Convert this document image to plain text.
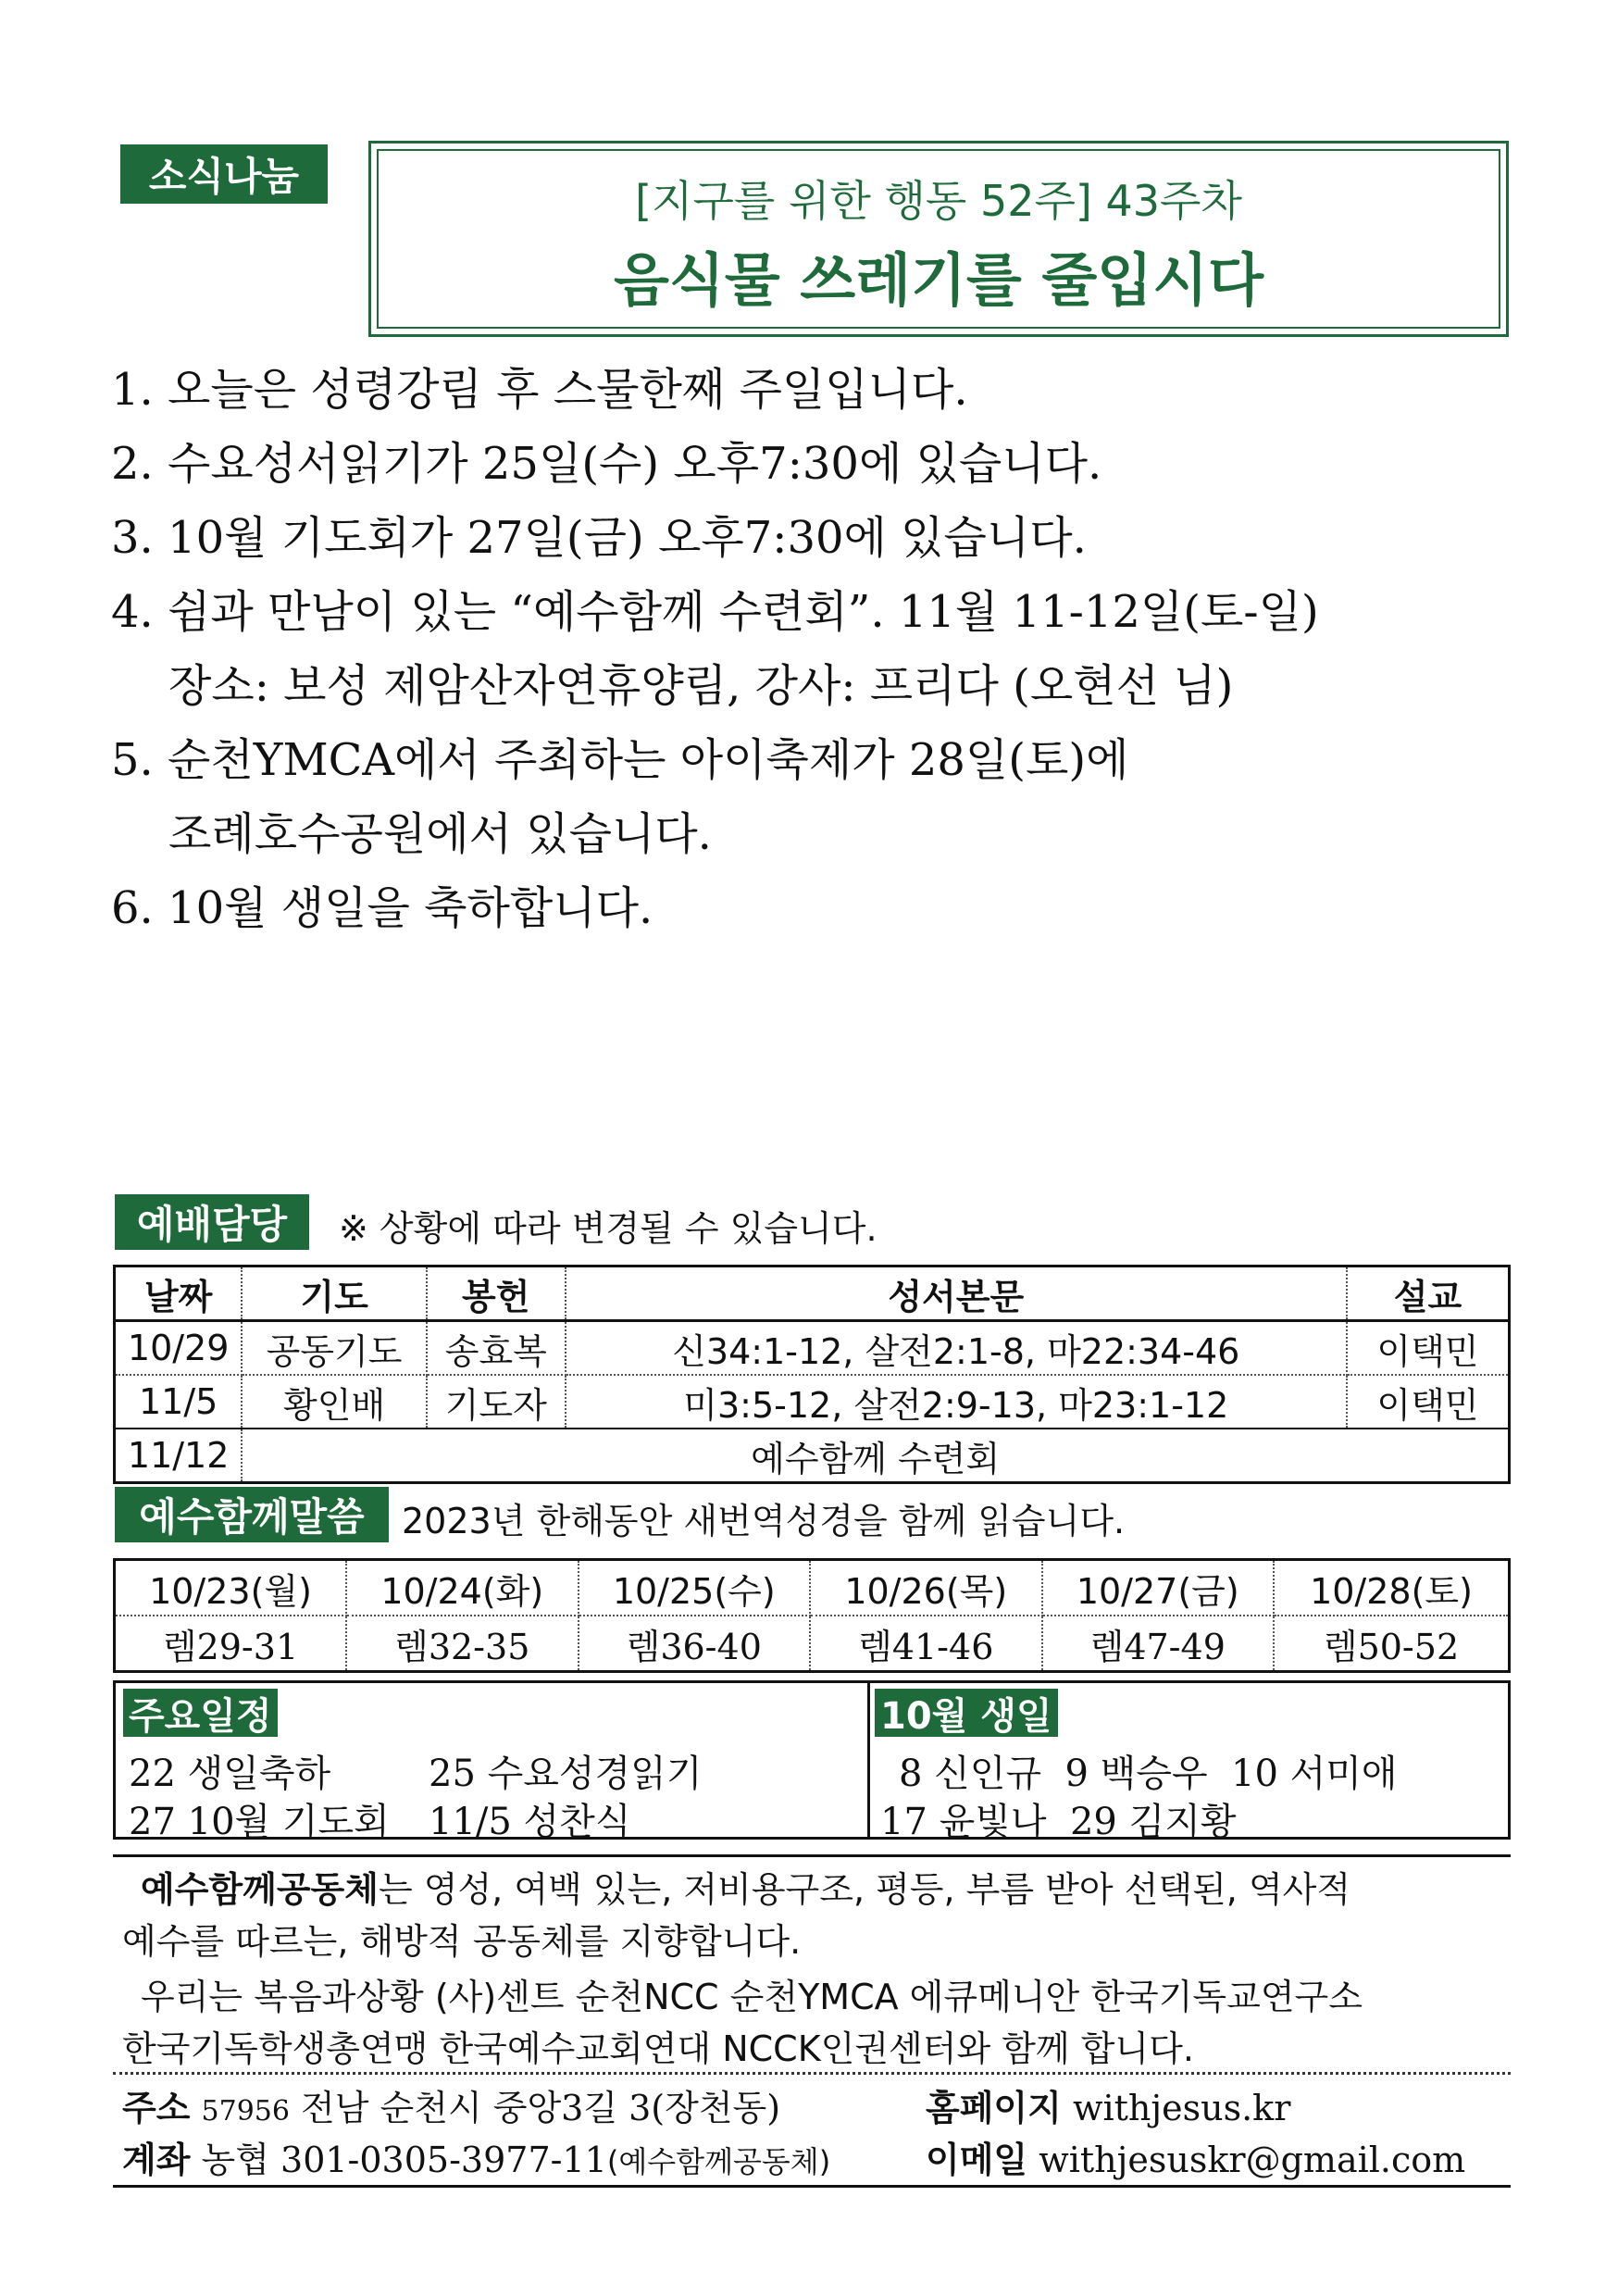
소식나눔	[지구를 위한 행동 52주] 43주차
음식물 쓰레기를 줄입시다
1. 오늘은 성령강림 후 스물한째 주일입니다.
2. 수요성서읽기가 25일(수) 오후7:30에 있습니다.
3. 10월 기도회가 27일(금) 오후7:30에 있습니다.
4. 쉼과 만남이 있는 “예수함께 수련회”. 11월 11-12일(토-일)
장소: 보성 제암산자연휴양림, 강사: 프리다 (오현선 님)
5. 순천YMCA에서 주최하는 아이축제가 28일(토)에
조례호수공원에서 있습니다.
6. 10월 생일을 축하합니다.
예배담당	※ 상황에 따라 변경될 수 있습니다.
날짜	기도	봉헌	성서본문	설교
10/29	공동기도	송효복	신34:1-12, 살전2:1-8, 마22:34-46	이택민
11/5	황인배	기도자	미3:5-12, 살전2:9-13, 마23:1-12	이택민
11/12	예수함께 수련회			
예수함께말씀	2023년 한해동안 새번역성경을 함께 읽습니다.
10/23(월)	10/24(화)	10/25(수)	10/26(목)	10/27(금)	10/28(토)
렘29-31	렘32-35	렘36-40	렘41-46	렘47-49	렘50-52
주요일정
22 생일축하	25 수요성경읽기
27 10월 기도회 11/5 성찬식
10월 생일
8 신인규  9 백승우  10 서미애
17 윤빛나  29 김지황
예수함께공동체는 영성, 여백 있는, 저비용구조, 평등, 부름 받아 선택된, 역사적
예수를 따르는, 해방적 공동체를 지향합니다.
우리는 복음과상황 (사)센트 순천NCC 순천YMCA 에큐메니안 한국기독교연구소
한국기독학생총연맹 한국예수교회연대 NCCK인권센터와 함께 합니다.
주소 57956 전남 순천시 중앙3길 3(장천동)	홈페이지 withjesus.kr
계좌 농협 301-0305-3977-11(예수함께공동체)	이메일 withjesuskr@gmail.com
